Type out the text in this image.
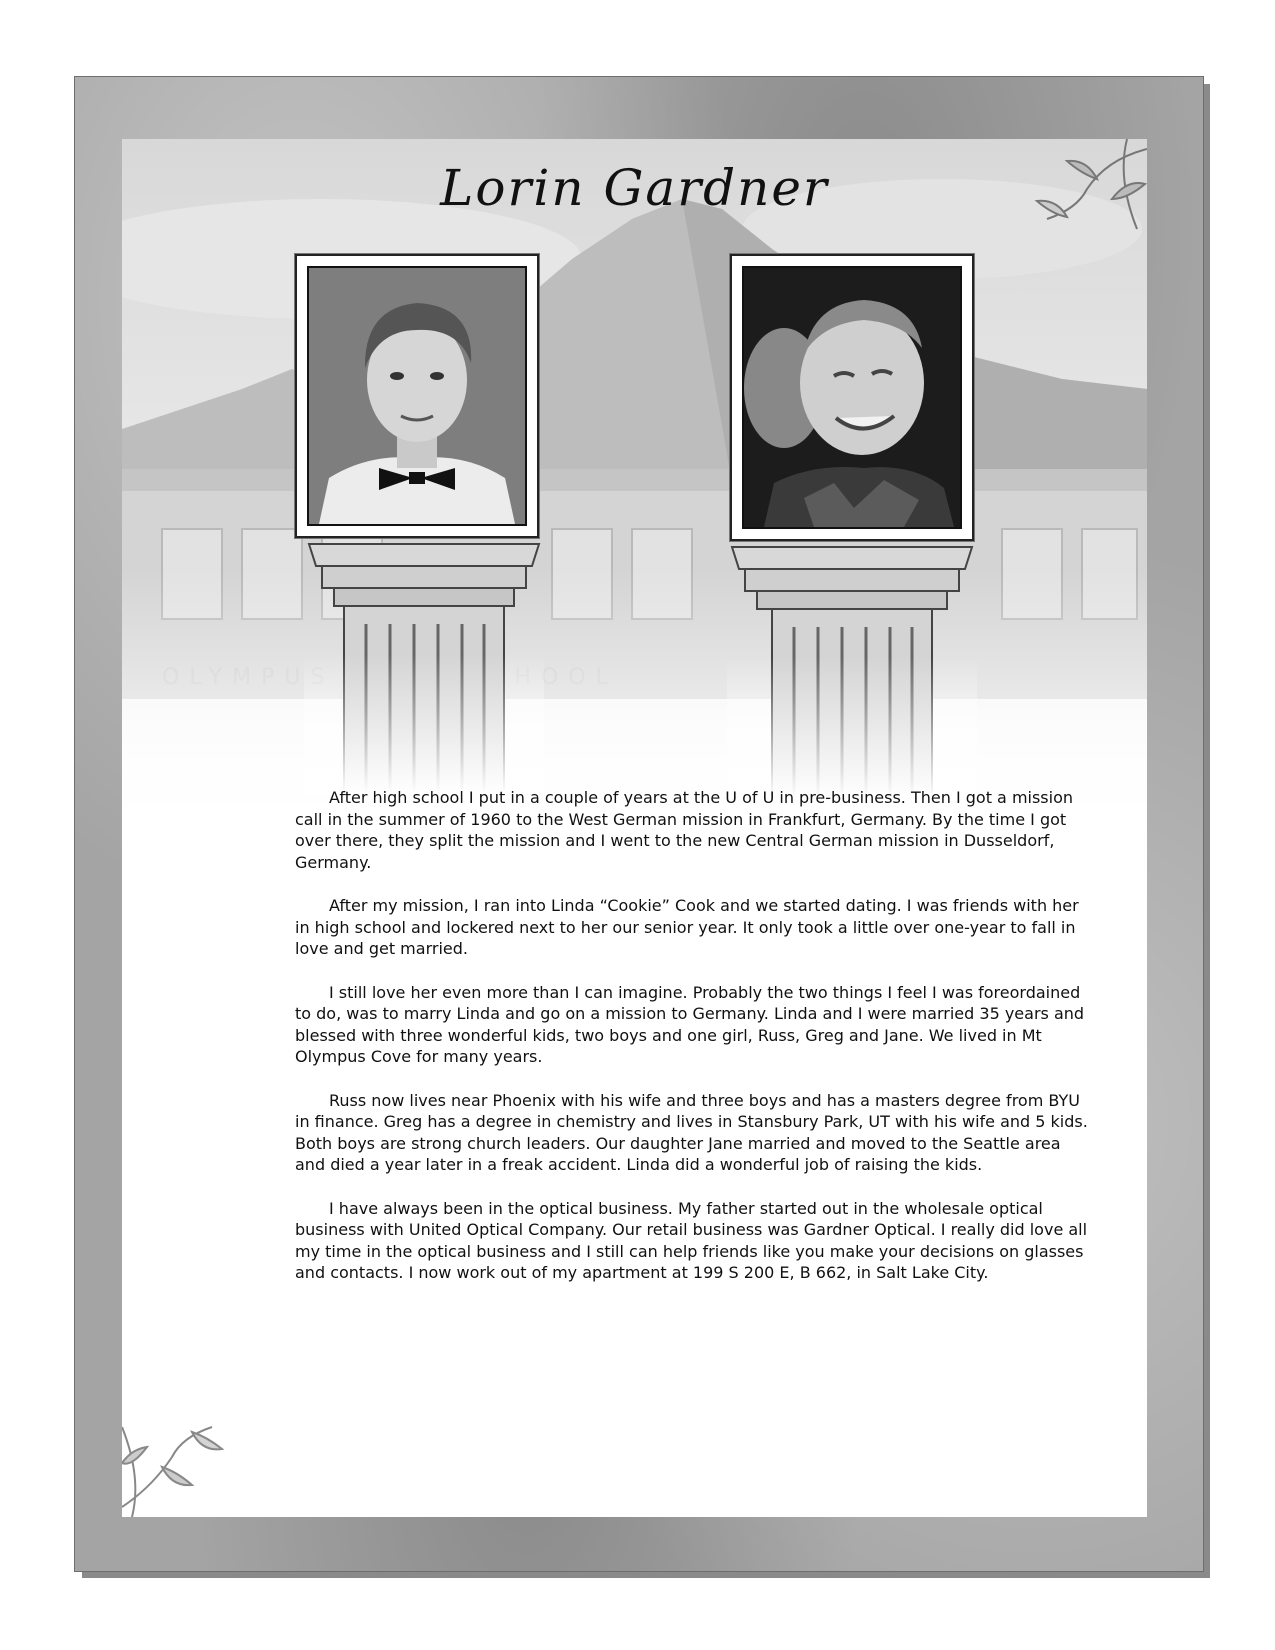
Lorin Gardner

After high school I put in a couple of years at the U of U in pre-business. Then I got a mission call in the summer of 1960 to the West German mission in Frankfurt, Germany. By the time I got over there, they split the mission and I went to the new Central German mission in Dusseldorf, Germany.

After my mission, I ran into Linda “Cookie” Cook and we started dating. I was friends with her in high school and lockered next to her our senior year. It only took a little over one-year to fall in love and get married.

I still love her even more than I can imagine. Probably the two things I feel I was foreordained to do, was to marry Linda and go on a mission to Germany. Linda and I were married 35 years and blessed with three wonderful kids, two boys and one girl, Russ, Greg and Jane. We lived in Mt Olympus Cove for many years.

Russ now lives near Phoenix with his wife and three boys and has a masters degree from BYU in finance. Greg has a degree in chemistry and lives in Stansbury Park, UT with his wife and 5 kids. Both boys are strong church leaders. Our daughter Jane married and moved to the Seattle area and died a year later in a freak accident. Linda did a wonderful job of raising the kids.

I have always been in the optical business. My father started out in the wholesale optical business with United Optical Company. Our retail business was Gardner Optical. I really did love all my time in the optical business and I still can help friends like you make your decisions on glasses and contacts. I now work out of my apartment at 199 S 200 E, B 662, in Salt Lake City.
